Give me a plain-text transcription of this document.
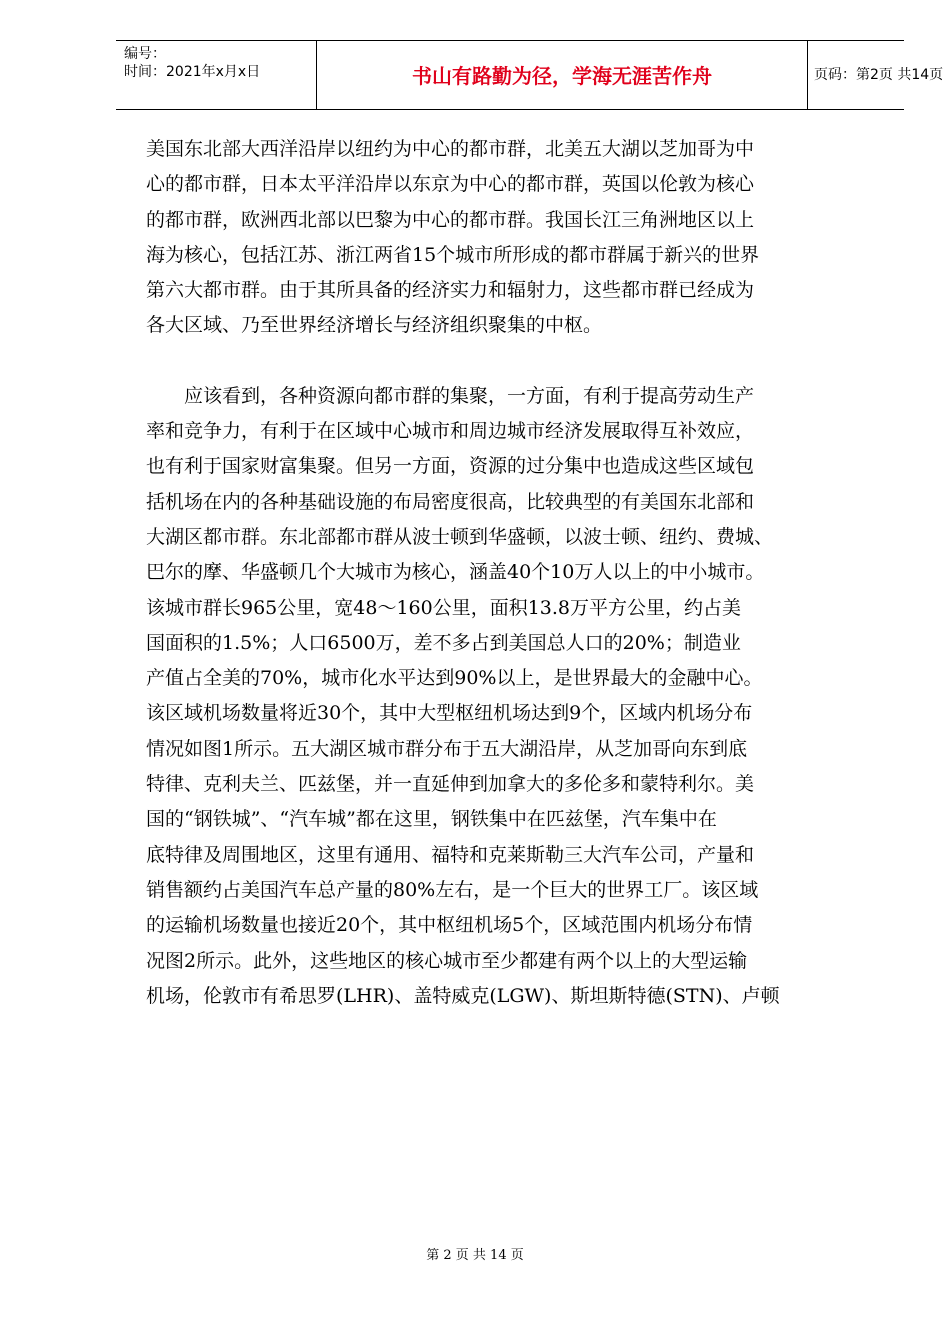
编号：
时间：2021年x月x日	书山有路勤为径，学海无涯苦作舟	页码：第2页 共14页

美国东北部大西洋沿岸以纽约为中心的都市群，北美五大湖以芝加哥为中
心的都市群，日本太平洋沿岸以东京为中心的都市群，英国以伦敦为核心
的都市群，欧洲西北部以巴黎为中心的都市群。我国长江三角洲地区以上
海为核心，包括江苏、浙江两省15个城市所形成的都市群属于新兴的世界
第六大都市群。由于其所具备的经济实力和辐射力，这些都市群已经成为
各大区域、乃至世界经济增长与经济组织聚集的中枢。

　　应该看到，各种资源向都市群的集聚，一方面，有利于提高劳动生产
率和竞争力，有利于在区域中心城市和周边城市经济发展取得互补效应，
也有利于国家财富集聚。但另一方面，资源的过分集中也造成这些区域包
括机场在内的各种基础设施的布局密度很高，比较典型的有美国东北部和
大湖区都市群。东北部都市群从波士顿到华盛顿，以波士顿、纽约、费城、
巴尔的摩、华盛顿几个大城市为核心，涵盖40个10万人以上的中小城市。
该城市群长965公里，宽48～160公里，面积13.8万平方公里，约占美
国面积的1.5%；人口6500万，差不多占到美国总人口的20%；制造业
产值占全美的70%，城市化水平达到90%以上，是世界最大的金融中心。
该区域机场数量将近30个，其中大型枢纽机场达到9个，区域内机场分布
情况如图1所示。五大湖区城市群分布于五大湖沿岸，从芝加哥向东到底
特律、克利夫兰、匹兹堡，并一直延伸到加拿大的多伦多和蒙特利尔。美
国的“钢铁城”、“汽车城”都在这里，钢铁集中在匹兹堡，汽车集中在
底特律及周围地区，这里有通用、福特和克莱斯勒三大汽车公司，产量和
销售额约占美国汽车总产量的80%左右，是一个巨大的世界工厂。该区域
的运输机场数量也接近20个，其中枢纽机场5个，区域范围内机场分布情
况图2所示。此外，这些地区的核心城市至少都建有两个以上的大型运输
机场，伦敦市有希思罗(LHR)、盖特威克(LGW)、斯坦斯特德(STN)、卢顿

第 2 页 共 14 页
